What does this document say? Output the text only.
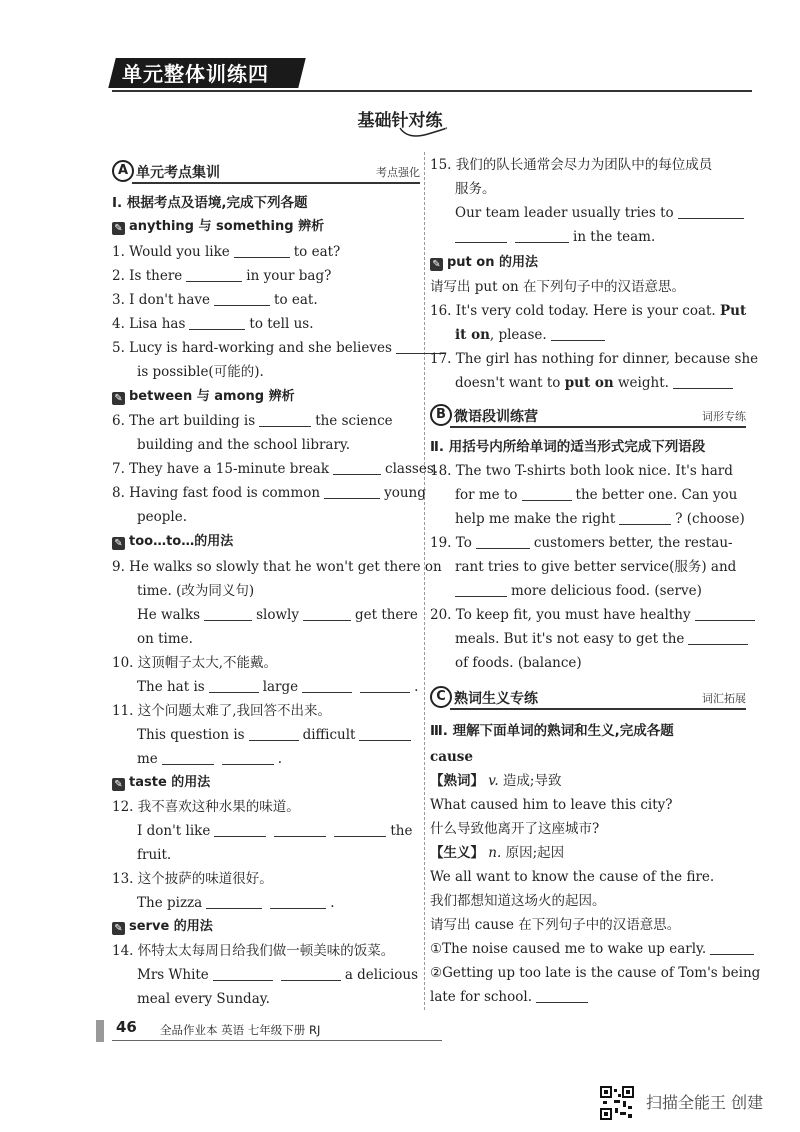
单元整体训练四
基础针对练
A 单元考点集训	考点强化
Ⅰ. 根据考点及语境,完成下列各题
✎ anything 与 something 辨析
1. Would you like	to eat?
2. Is there	in your bag?
3. I don't have	to eat.
4. Lisa has	to tell us.
5. Lucy is hard-working and she believes
is possible(可能的).
✎ between 与 among 辨析
6. The art building is	the science
building and the school library.
7. They have a 15-minute break	classes.
8. Having fast food is common	young
people.
✎ too…to…的用法
9. He walks so slowly that he won't get there on
time. (改为同义句)
He walks	slowly	get there
on time.
10. 这顶帽子太大,不能戴。
The hat is	large	.
11. 这个问题太难了,我回答不出来。
This question is	difficult
me	.
✎ taste 的用法
12. 我不喜欢这种水果的味道。
I don't like	the
fruit.
13. 这个披萨的味道很好。
The pizza	.
✎ serve 的用法
14. 怀特太太每周日给我们做一顿美味的饭菜。
Mrs White	a delicious
meal every Sunday.
15. 我们的队长通常会尽力为团队中的每位成员
服务。
Our team leader usually tries to
in the team.
✎ put on 的用法
请写出 put on 在下列句子中的汉语意思。
16. It's very cold today. Here is your coat. Put
it on, please.
17. The girl has nothing for dinner, because she
doesn't want to put on weight.
B 微语段训练营	词形专练
Ⅱ. 用括号内所给单词的适当形式完成下列语段
18. The two T-shirts both look nice. It's hard
for me to	the better one. Can you
help me make the right	? (choose)
19. To	customers better, the restau-
rant tries to give better service(服务) and
more delicious food. (serve)
20. To keep fit, you must have healthy
meals. But it's not easy to get the
of foods. (balance)
C 熟词生义专练	词汇拓展
Ⅲ. 理解下面单词的熟词和生义,完成各题
cause
【熟词】 v. 造成;导致
What caused him to leave this city?
什么导致他离开了这座城市?
【生义】 n. 原因;起因
We all want to know the cause of the fire.
我们都想知道这场火的起因。
请写出 cause 在下列句子中的汉语意思。
①The noise caused me to wake up early.
②Getting up too late is the cause of Tom's being
late for school.
46 全品作业本 英语 七年级下册 RJ
扫描全能王 创建
